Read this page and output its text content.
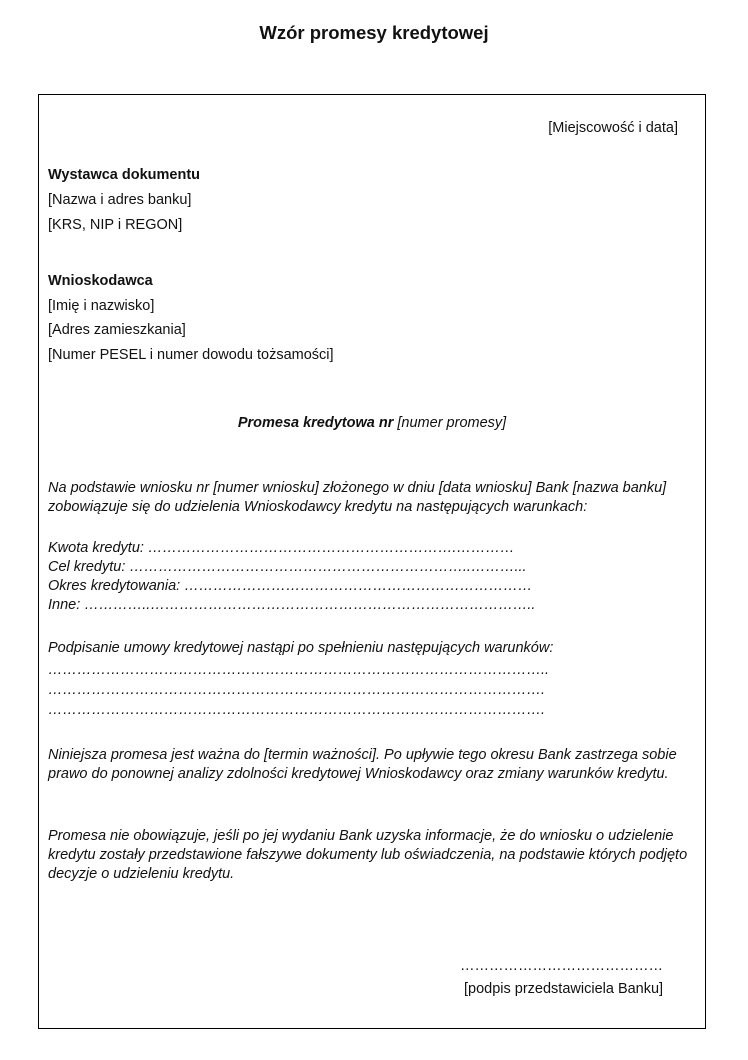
Wzór promesy kredytowej
[Miejscowość i data]
Wystawca dokumentu
[Nazwa i adres banku]
[KRS, NIP i REGON]
Wnioskodawca
[Imię i nazwisko]
[Adres zamieszkania]
[Numer PESEL i numer dowodu tożsamości]
Promesa kredytowa nr [numer promesy]
Na podstawie wniosku nr [numer wniosku] złożonego w dniu [data wniosku] Bank [nazwa banku] zobowiązuje się do udzielenia Wnioskodawcy kredytu na następujących warunkach:
Kwota kredytu: ……………………………………………………….…………
Cel kredytu: ……………………………………………………………..………...
Okres kredytowania: ………………………………………………………………
Inne: …………..……………………………………………………………………..
Podpisanie umowy kredytowej nastąpi po spełnieniu następujących warunków:
…………………………………………………………………………………………..
………………………………………………………………………………………….
………………………………………………………………………………………….
Niniejsza promesa jest ważna do [termin ważności]. Po upływie tego okresu Bank zastrzega sobie prawo do ponownej analizy zdolności kredytowej Wnioskodawcy oraz zmiany warunków kredytu.
Promesa nie obowiązuje, jeśli po jej wydaniu Bank uzyska informacje, że do wniosku o udzielenie kredytu zostały przedstawione fałszywe dokumenty lub oświadczenia, na podstawie których podjęto decyzje o udzieleniu kredytu.
……………………………………
[podpis przedstawiciela Banku]
